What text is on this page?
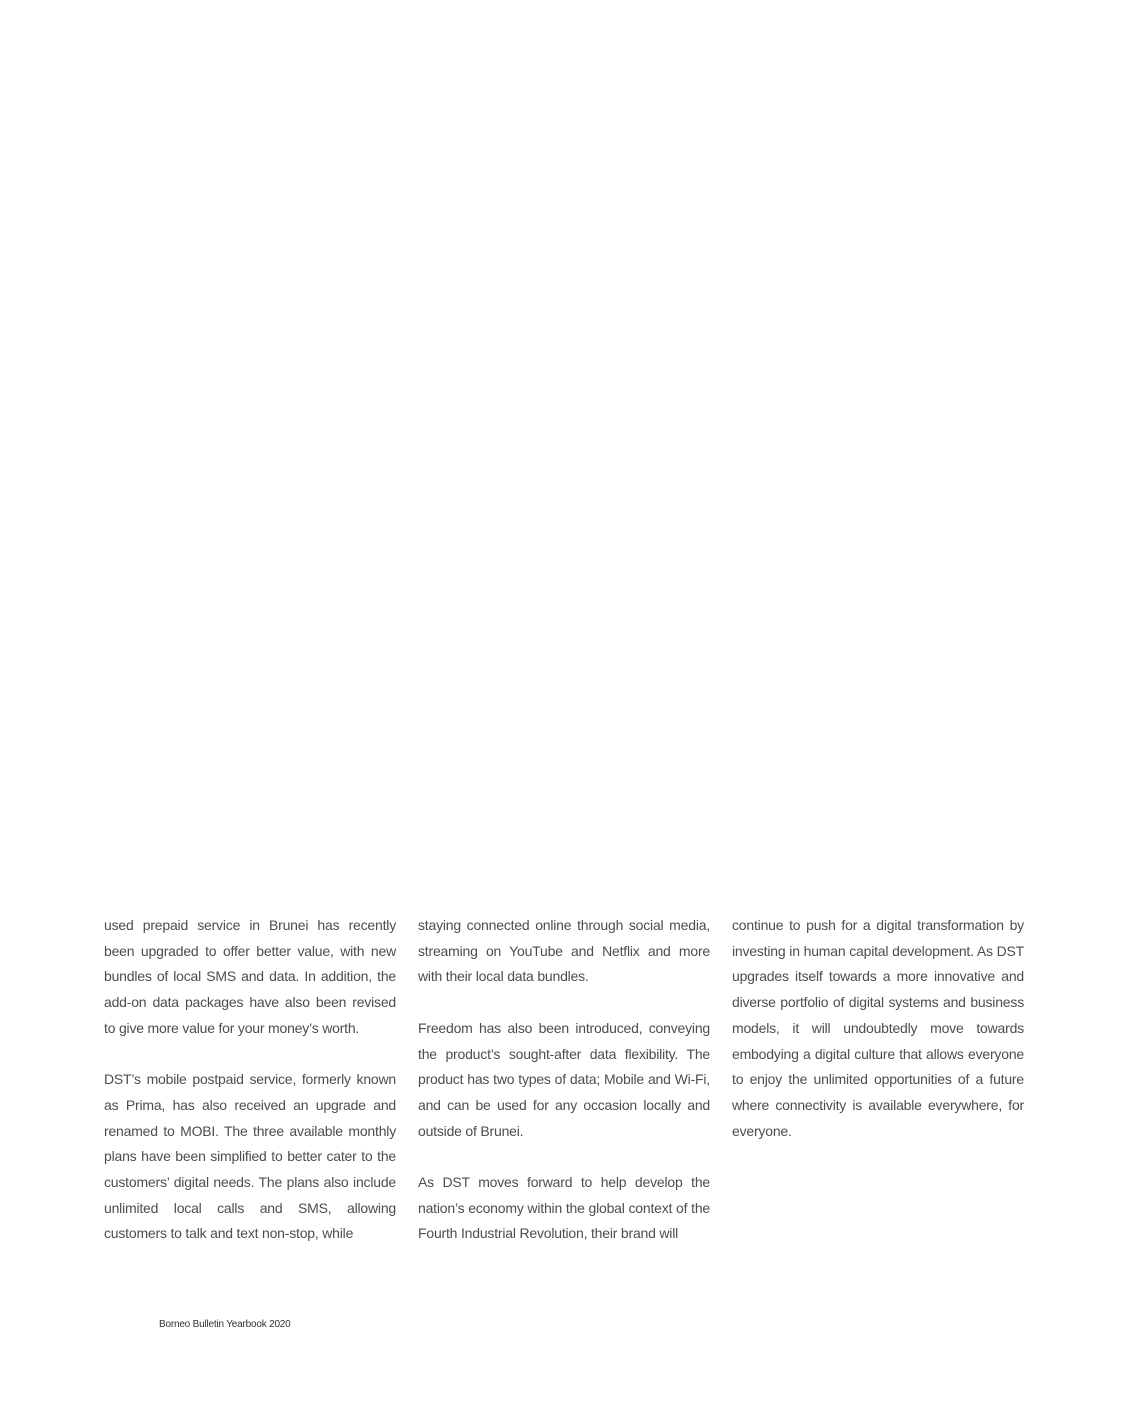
used prepaid service in Brunei has recently been upgraded to offer better value, with new bundles of local SMS and data. In addition, the add-on data packages have also been revised to give more value for your money’s worth.

DST’s mobile postpaid service, formerly known as Prima, has also received an upgrade and renamed to MOBI. The three available monthly plans have been simplified to better cater to the customers’ digital needs. The plans also include unlimited local calls and SMS, allowing customers to talk and text non-stop, while

staying connected online through social media, streaming on YouTube and Netflix and more with their local data bundles.

Freedom has also been introduced, conveying the product’s sought-after data flexibility. The product has two types of data; Mobile and Wi-Fi, and can be used for any occasion locally and outside of Brunei.

As DST moves forward to help develop the nation’s economy within the global context of the Fourth Industrial Revolution, their brand will

continue to push for a digital transformation by investing in human capital development. As DST upgrades itself towards a more innovative and diverse portfolio of digital systems and business models, it will undoubtedly move towards embodying a digital culture that allows everyone to enjoy the unlimited opportunities of a future where connectivity is available everywhere, for everyone.

Borneo Bulletin Yearbook 2020
